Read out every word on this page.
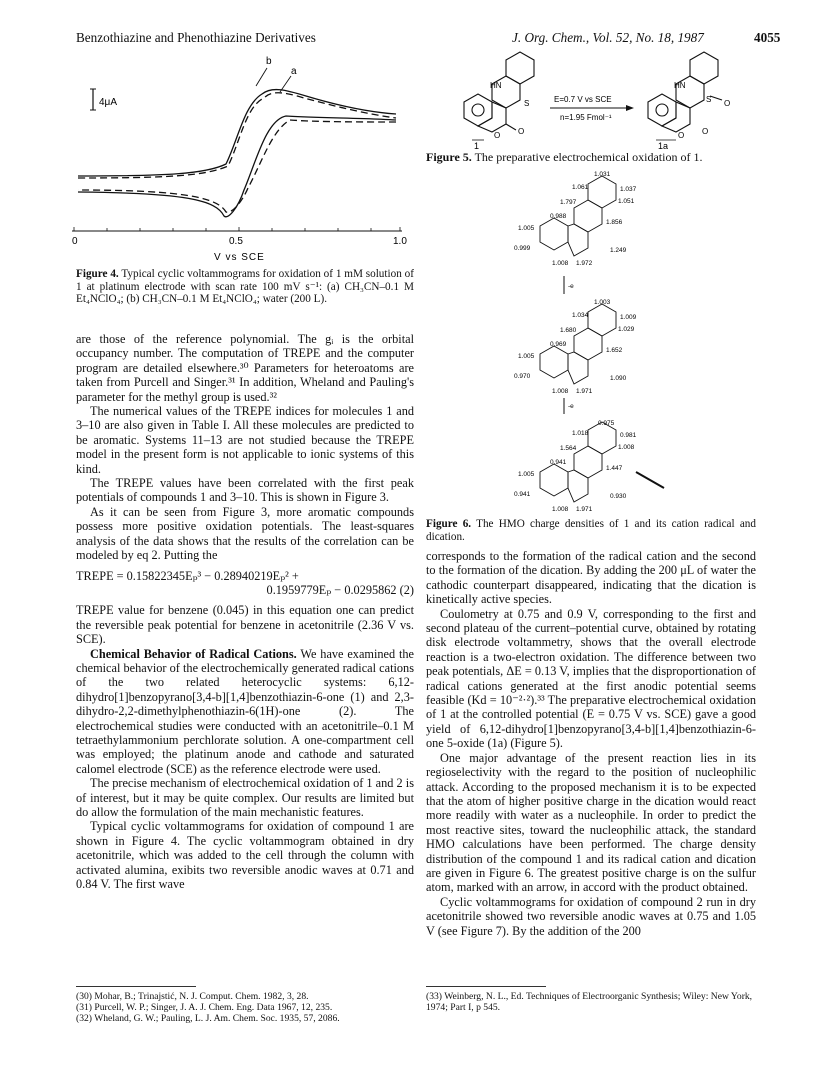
Benzothiazine and Phenothiazine Derivatives	J. Org. Chem., Vol. 52, No. 18, 1987	4055
4μA
b
a
0	0.5	1.0
V vs SCE
Figure 4. Typical cyclic voltammograms for oxidation of 1 mM solution of 1 at platinum electrode with scan rate 100 mV s⁻¹: (a) CH₃CN–0.1 M Et₄NClO₄; (b) CH₃CN–0.1 M Et₄NClO₄; water (200 L).

are those of the reference polynomial. The gᵢ is the orbital occupancy number. The computation of TREPE and the computer program are detailed elsewhere.³⁰ Parameters for heteroatoms are taken from Purcell and Singer.³¹ In addition, Wheland and Pauling's parameter for the methyl group is used.³²

The numerical values of the TREPE indices for molecules 1 and 3–10 are also given in Table I. All these molecules are predicted to be aromatic. Systems 11–13 are not studied because the TREPE model in the present form is not applicable to ionic systems of this kind.

The TREPE values have been correlated with the first peak potentials of compounds 1 and 3–10. This is shown in Figure 3.

As it can be seen from Figure 3, more aromatic compounds possess more positive oxidation potentials. The least-squares analysis of the data shows that the results of the correlation can be modeled by eq 2. Putting the

TREPE = 0.15822345Eₚ³ − 0.28940219Eₚ² +
0.1959779Eₚ − 0.0295862 (2)

TREPE value for benzene (0.045) in this equation one can predict the reversible peak potential for benzene in acetonitrile (2.36 V vs. SCE).

Chemical Behavior of Radical Cations. We have examined the chemical behavior of the electrochemically generated radical cations of the two related heterocyclic systems: 6,12-dihydro[1]benzopyrano[3,4-b][1,4]benzothiazin-6-one (1) and 2,3-dihydro-2,2-dimethylphenothiazin-6(1H)-one (2). The electrochemical studies were conducted with an acetonitrile–0.1 M tetraethylammonium perchlorate solution. A one-compartment cell was employed; the platinum anode and cathode and saturated calomel electrode (SCE) as the reference electrode were used.

The precise mechanism of electrochemical oxidation of 1 and 2 is of interest, but it may be quite complex. Our results are limited but do allow the formulation of the main mechanistic features.

Typical cyclic voltammograms for oxidation of compound 1 are shown in Figure 4. The cyclic voltammogram obtained in dry acetonitrile, which was added to the cell through the column with activated alumina, exibits two reversible anodic waves at 0.71 and 0.84 V. The first wave

HN
S
O O
1
E=0.7 V vs SCE
n=1.95 Fmol⁻¹
HN
S O
O O
1a
Figure 5. The preparative electrochemical oxidation of 1.
1.031
1.061	1.037
1.797	1.051
0.988
1.856
1.005
0.999	1.249
1.008 1.972
-e
1.003
1.034	1.009
1.680	1.029
0.969
1.652
1.005
0.970	1.090
1.008 1.971
-e
0.975
1.018	0.981
1.564	1.008
0.941
1.447
1.005
0.941	0.930
1.008 1.971
Figure 6. The HMO charge densities of 1 and its cation radical and dication.

corresponds to the formation of the radical cation and the second to the formation of the dication. By adding the 200 μL of water the cathodic counterpart disappeared, indicating that the dication is kinetically active species.

Coulometry at 0.75 and 0.9 V, corresponding to the first and second plateau of the current–potential curve, obtained by rotating disk electrode voltammetry, shows that the overall electrode reaction is a two-electron oxidation. The difference between two peak potentials, ΔE = 0.13 V, implies that the disproportionation of radical cations generated at the first anodic potential seems feasible (Kd = 10⁻²·²).³³ The preparative electrochemical oxidation of 1 at the controlled potential (E = 0.75 V vs. SCE) gave a good yield of 6,12-dihydro[1]benzopyrano[3,4-b][1,4]benzothiazin-6-one 5-oxide (1a) (Figure 5).

One major advantage of the present reaction lies in its regioselectivity with the regard to the position of nucleophilic attack. According to the proposed mechanism it is to be expected that the atom of higher positive charge in the dication would react more readily with water as a nucleophile. In order to predict the most reactive sites, toward the nucleophilic attack, the standard HMO calculations have been performed. The charge density distribution of the compound 1 and its radical cation and dication are given in Figure 6. The greatest positive charge is on the sulfur atom, marked with an arrow, in accord with the product obtained.

Cyclic voltammograms for oxidation of compound 2 run in dry acetonitrile showed two reversible anodic waves at 0.75 and 1.05 V (see Figure 7). By the addition of the 200

(30) Mohar, B.; Trinajstić, N. J. Comput. Chem. 1982, 3, 28.
(31) Purcell, W. P.; Singer, J. A. J. Chem. Eng. Data 1967, 12, 235.
(32) Wheland, G. W.; Pauling, L. J. Am. Chem. Soc. 1935, 57, 2086.
(33) Weinberg, N. L., Ed. Techniques of Electroorganic Synthesis; Wiley: New York, 1974; Part I, p 545.
